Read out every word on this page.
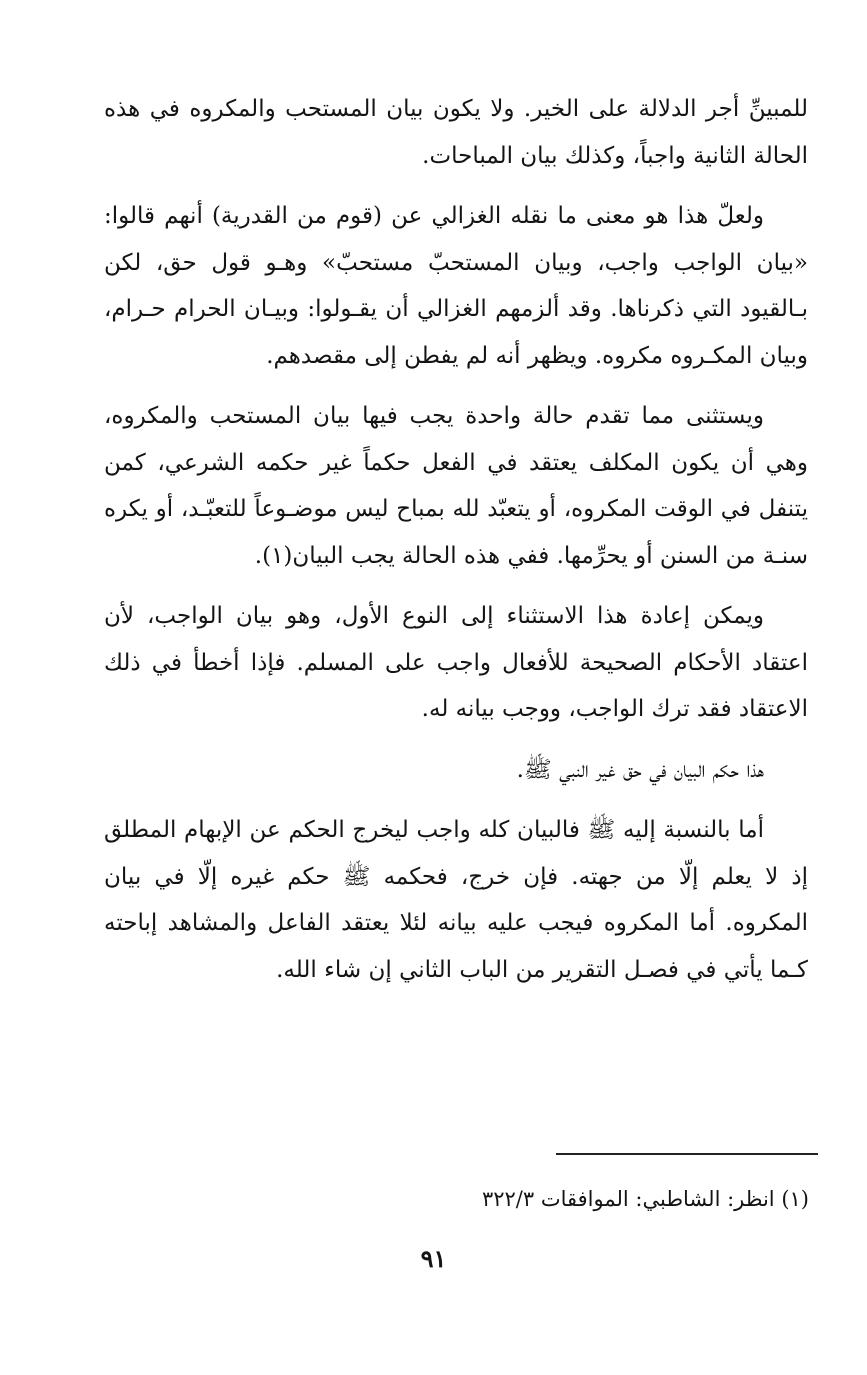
للمبينِّ أجر الدلالة على الخير. ولا يكون بيان المستحب والمكروه في هذه الحالة الثانية واجباً، وكذلك بيان المباحات.

ولعلّ هذا هو معنى ما نقله الغزالي عن (قوم من القدرية) أنهم قالوا: «بيان الواجب واجب، وبيان المستحبّ مستحبّ» وهـو قول حق، لكن بـالقيود التي ذكرناها. وقد ألزمهم الغزالي أن يقـولوا: وبيـان الحرام حـرام، وبيان المكـروه مكروه. ويظهر أنه لم يفطن إلى مقصدهم.

ويستثنى مما تقدم حالة واحدة يجب فيها بيان المستحب والمكروه، وهي أن يكون المكلف يعتقد في الفعل حكماً غير حكمه الشرعي، كمن يتنفل في الوقت المكروه، أو يتعبّد لله بمباح ليس موضـوعاً للتعبّـد، أو يكره سنـة من السنن أو يحرِّمها. ففي هذه الحالة يجب البيان(١).

ويمكن إعادة هذا الاستثناء إلى النوع الأول، وهو بيان الواجب، لأن اعتقاد الأحكام الصحيحة للأفعال واجب على المسلم. فإذا أخطأ في ذلك الاعتقاد فقد ترك الواجب، ووجب بيانه له.

هذا حكم البيان في حق غير النبي ﷺ.

أما بالنسبة إليه ﷺ فالبيان كله واجب ليخرج الحكم عن الإبهام المطلق إذ لا يعلم إلّا من جهته. فإن خرج، فحكمه ﷺ حكم غيره إلّا في بيان المكروه. أما المكروه فيجب عليه بيانه لئلا يعتقد الفاعل والمشاهد إباحته كـما يأتي في فصـل التقرير من الباب الثاني إن شاء الله.

(١) انظر: الشاطبي: الموافقات ٣٢٢/٣
٩١
